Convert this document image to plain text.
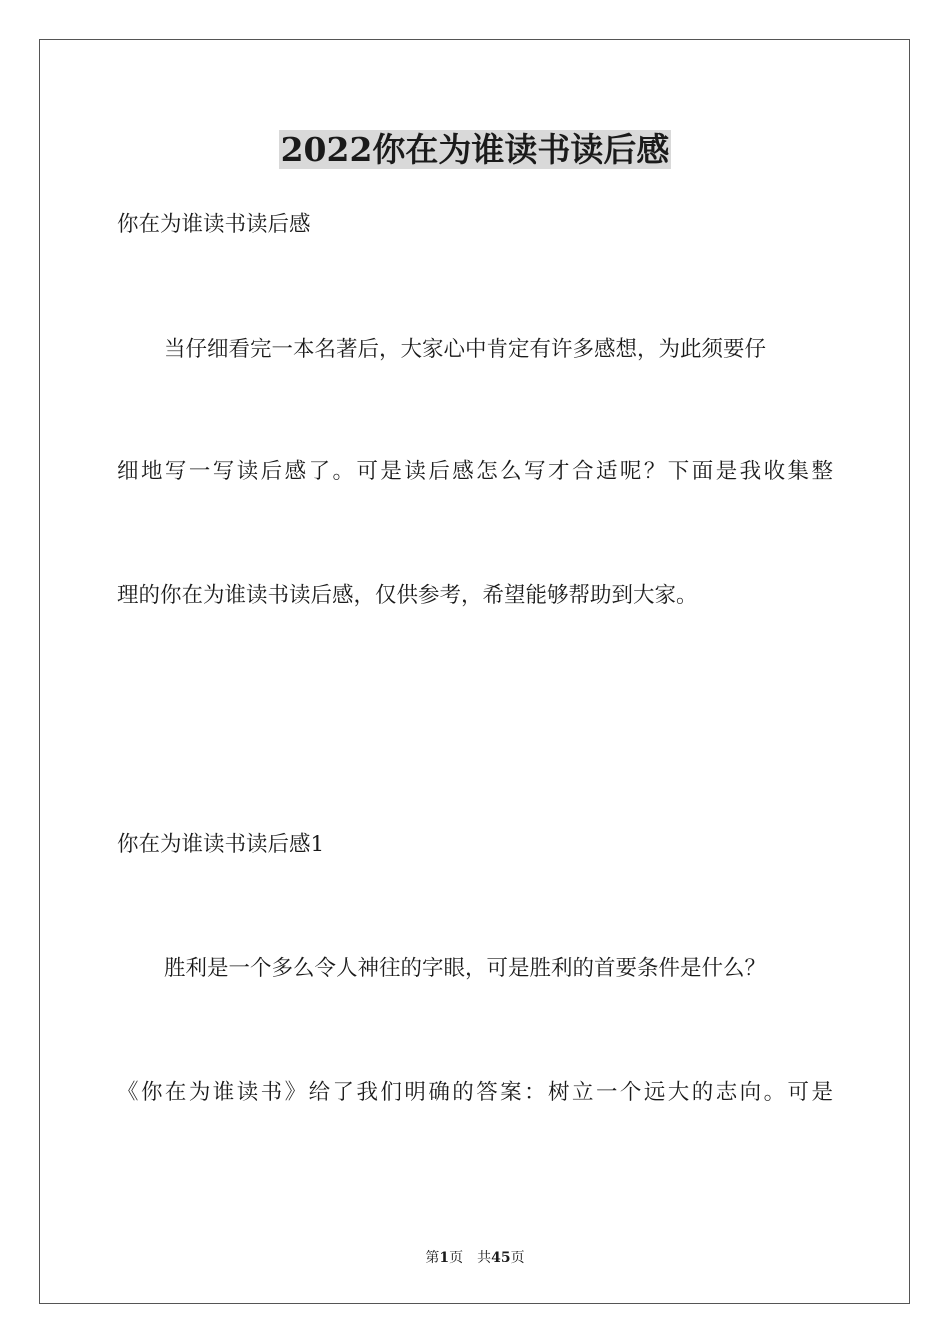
2022你在为谁读书读后感
你在为谁读书读后感
当仔细看完一本名著后，大家心中肯定有许多感想，为此须要仔
细地写一写读后感了。可是读后感怎么写才合适呢？下面是我收集整
理的你在为谁读书读后感，仅供参考，希望能够帮助到大家。
你在为谁读书读后感1
胜利是一个多么令人神往的字眼，可是胜利的首要条件是什么？
《你在为谁读书》给了我们明确的答案：树立一个远大的志向。可是
第1页 共45页
